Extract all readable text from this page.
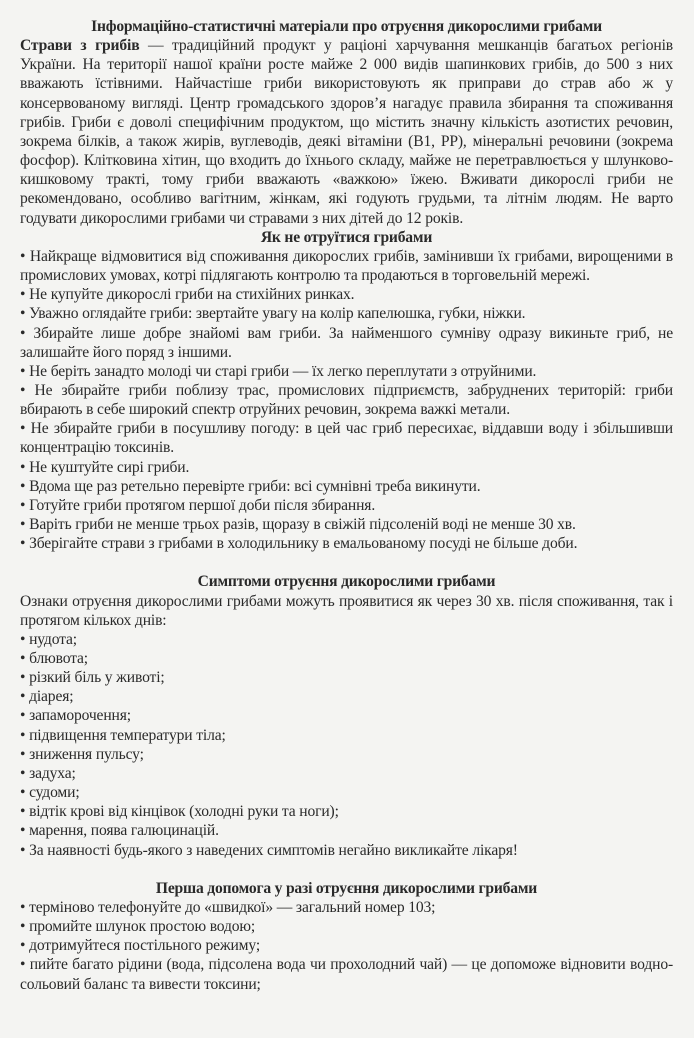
Інформаційно-статистичні матеріали про отруєння дикорослими грибами

Страви з грибів — традиційний продукт у раціоні харчування мешканців багатьох регіонів України. На території нашої країни росте майже 2 000 видів шапинкових грибів, до 500 з них вважають їстівними. Найчастіше гриби використовують як приправи до страв або ж у консервованому вигляді. Центр громадського здоров’я нагадує правила збирання та споживання грибів. Гриби є доволі специфічним продуктом, що містить значну кількість азотистих речовин, зокрема білків, а також жирів, вуглеводів, деякі вітаміни (В1, РР), мінеральні речовини (зокрема фосфор). Клітковина хітин, що входить до їхнього складу, майже не перетравлюється у шлунково-кишковому тракті, тому гриби вважають «важкою» їжею. Вживати дикорослі гриби не рекомендовано, особливо вагітним, жінкам, які годують грудьми, та літнім людям. Не варто годувати дикорослими грибами чи стравами з них дітей до 12 років.

Як не отруїтися грибами

• Найкраще відмовитися від споживання дикорослих грибів, замінивши їх грибами, вирощеними в промислових умовах, котрі підлягають контролю та продаються в торговельній мережі.

• Не купуйте дикорослі гриби на стихійних ринках.

• Уважно оглядайте гриби: звертайте увагу на колір капелюшка, губки, ніжки.

• Збирайте лише добре знайомі вам гриби. За найменшого сумніву одразу викиньте гриб, не залишайте його поряд з іншими.

• Не беріть занадто молоді чи старі гриби — їх легко переплутати з отруйними.

• Не збирайте гриби поблизу трас, промислових підприємств, забруднених територій: гриби вбирають в себе широкий спектр отруйних речовин, зокрема важкі метали.

• Не збирайте гриби в посушливу погоду: в цей час гриб пересихає, віддавши воду і збільшивши концентрацію токсинів.

• Не куштуйте сирі гриби.

• Вдома ще раз ретельно перевірте гриби: всі сумнівні треба викинути.

• Готуйте гриби протягом першої доби після збирання.

• Варіть гриби не менше трьох разів, щоразу в свіжій підсоленій воді не менше 30 хв.

• Зберігайте страви з грибами в холодильнику в емальованому посуді не більше доби.

Симптоми отруєння дикорослими грибами

Ознаки отруєння дикорослими грибами можуть проявитися як через 30 хв. після споживання, так і протягом кількох днів:

• нудота;

• блювота;

• різкий біль у животі;

• діарея;

• запаморочення;

• підвищення температури тіла;

• зниження пульсу;

• задуха;

• судоми;

• відтік крові від кінцівок (холодні руки та ноги);

• марення, поява галюцинацій.

• За наявності будь-якого з наведених симптомів негайно викликайте лікаря!

Перша допомога у разі отруєння дикорослими грибами

• терміново телефонуйте до «швидкої» — загальний номер 103;

• промийте шлунок простою водою;

• дотримуйтеся постільного режиму;

• пийте багато рідини (вода, підсолена вода чи прохолодний чай) — це допоможе відновити водно-сольовий баланс та вивести токсини;
